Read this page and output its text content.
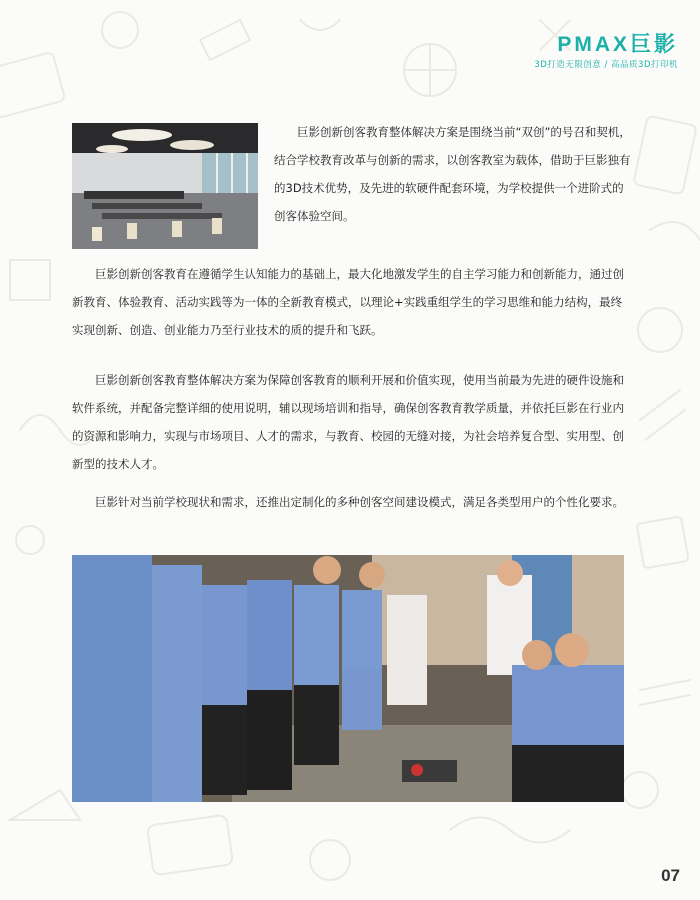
PMAX巨影
3D打造无限创意 / 高品质3D打印机

巨影创新创客教育整体解决方案是围绕当前“双创”的号召和契机，结合学校教育改革与创新的需求，以创客教室为载体，借助于巨影独有的3D技术优势，及先进的软硬件配套环境，为学校提供一个进阶式的创客体验空间。

巨影创新创客教育在遵循学生认知能力的基础上，最大化地激发学生的自主学习能力和创新能力，通过创新教育、体验教育、活动实践等为一体的全新教育模式，以理论+实践重组学生的学习思维和能力结构，最终实现创新、创造、创业能力乃至行业技术的质的提升和飞跃。

巨影创新创客教育整体解决方案为保障创客教育的顺利开展和价值实现，使用当前最为先进的硬件设施和软件系统，并配备完整详细的使用说明，辅以现场培训和指导，确保创客教育教学质量，并依托巨影在行业内的资源和影响力，实现与市场项目、人才的需求，与教育、校园的无缝对接，为社会培养复合型、实用型、创新型的技术人才。

巨影针对当前学校现状和需求，还推出定制化的多种创客空间建设模式，满足各类型用户的个性化要求。

07
